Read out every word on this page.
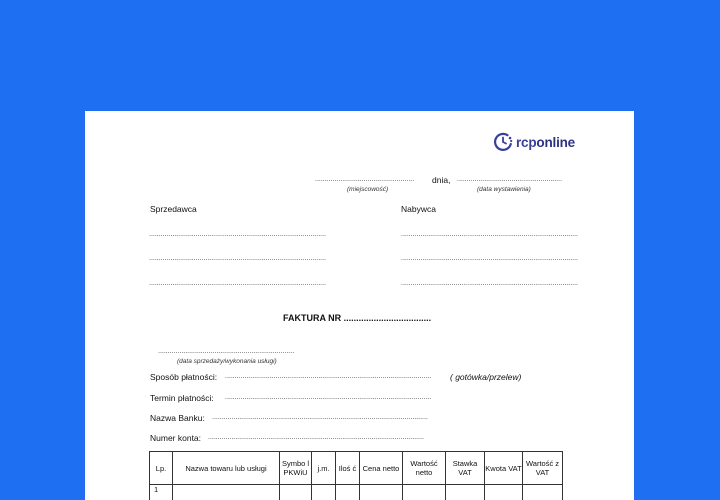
rcponline
................................................... dnia, ......................................................
(miejscowość)	(data wystawienia)
Sprzedawca	Nabywca
...........................................................................................	...........................................................................................
...........................................................................................	...........................................................................................
...........................................................................................	...........................................................................................
FAKTURA NR ...................................
......................................................................
(data sprzedaży/wykonania usługi)
Sposób płatności: .......................................................................................................... ( gotówka/przelew)
Termin płatności: ..........................................................................................................
Nazwa Banku: ...............................................................................................................
Numer konta: ...............................................................................................................
Lp.	Nazwa towaru lub usługi	Symbo l PKWiU	j.m.	Iloś ć	Cena netto	Wartość netto	Stawka VAT	Kwota VAT	Wartość z VAT
1									
